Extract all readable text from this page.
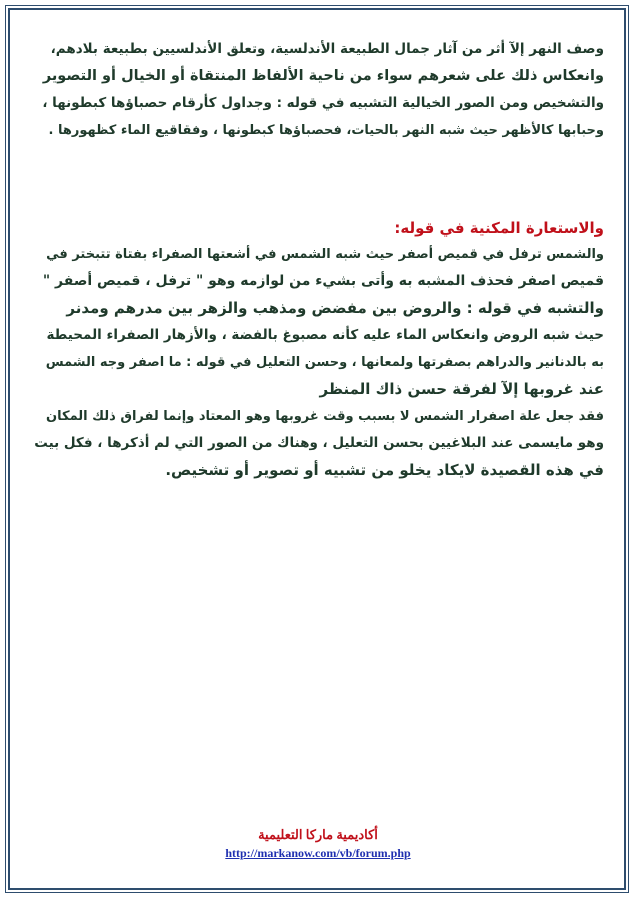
وصف النهر إلآ أثر من آثار جمال الطبيعة الأندلسية، وتعلق الأندلسيين بطبيعة بلادهم،
وانعكاس ذلك على شعرهم سواء من ناحية الألفاظ المنتقاة أو الخيال أو التصوير
والتشخيص ومن الصور الخيالية التشبيه في قوله : وجداول كأرقام حصباؤها كبطونها ،
وحبابها كالأظهر حيث شبه النهر بالحيات، فحصباؤها كبطونها ، وفقاقيع الماء كظهورها .
والاستعارة المكنية في قوله:
والشمس ترفل في قميص أصفر حيث شبه الشمس في أشعتها الصفراء بفتاة تتبختر في
قميص اصفر فحذف المشبه به وأتى بشيء من لوازمه وهو " ترفل ، قميص أصفر "
والتشبه في قوله : والروض بين مفضض ومذهب والزهر بين مدرهم ومدنر
حيث شبه الروض وانعكاس الماء عليه كأنه مصبوغ بالفضة ، والأزهار الصفراء المحيطة
به بالدنانير والدراهم بصفرتها ولمعانها ، وحسن التعليل في قوله : ما اصفر وجه الشمس
عند غروبها إلآ لفرقة حسن ذاك المنظر
فقد جعل علة اصفرار الشمس لا بسبب وقت غروبها وهو المعتاد وإنما لفراق ذلك المكان
وهو مايسمى عند البلاغيين بحسن التعليل ، وهناك من الصور التي لم أذكرها ، فكل بيت
في هذه القصيدة لايكاد يخلو من تشبيه أو تصوير أو تشخيص.
أكاديمية ماركا التعليمية
http://markanow.com/vb/forum.php
